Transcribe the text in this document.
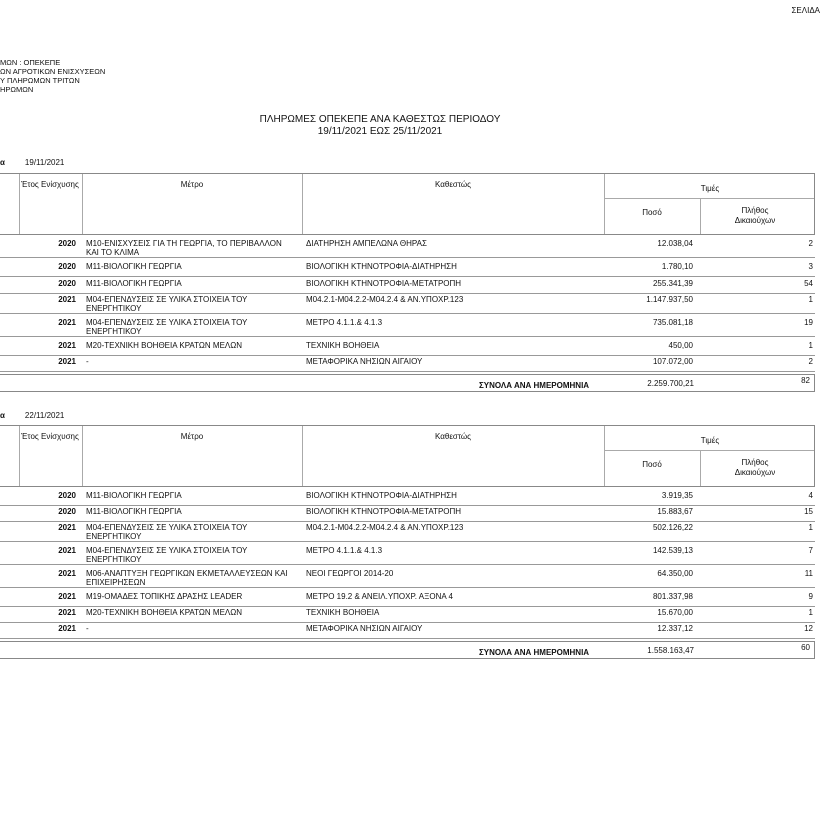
ΣΕΛΙΔΑ
ΜΩΝ : ΟΠΕΚΕΠΕ
ΩΝ ΑΓΡΟΤΙΚΩΝ ΕΝΙΣΧΥΣΕΩΝ
Υ ΠΛΗΡΩΜΩΝ ΤΡΙΤΩΝ
ΗΡΩΜΩΝ
ΠΛΗΡΩΜΕΣ ΟΠΕΚΕΠΕ ΑΝΑ ΚΑΘΕΣΤΩΣ ΠΕΡΙΟΔΟΥ
19/11/2021 ΕΩΣ 25/11/2021
α	19/11/2021
Έτος Ενίσχυσης	Μέτρο	Καθεστώς	Τιμές
Ποσό	Πλήθος Δικαιούχων
2020 Μ10-ΕΝΙΣΧΥΣΕΙΣ ΓΙΑ ΤΗ ΓΕΩΡΓΙΑ, ΤΟ ΠΕΡΙΒΑΛΛΟΝ ΚΑΙ ΤΟ ΚΛΙΜΑ
ΔΙΑΤΗΡΗΣΗ ΑΜΠΕΛΩΝΑ ΘΗΡΑΣ	12.038,04	2
2020 Μ11-ΒΙΟΛΟΓΙΚΗ ΓΕΩΡΓΙΑ	ΒΙΟΛΟΓΙΚΗ ΚΤΗΝΟΤΡΟΦΙΑ-ΔΙΑΤΗΡΗΣΗ	1.780,10	3
2020 Μ11-ΒΙΟΛΟΓΙΚΗ ΓΕΩΡΓΙΑ	ΒΙΟΛΟΓΙΚΗ ΚΤΗΝΟΤΡΟΦΙΑ-ΜΕΤΑΤΡΟΠΗ	255.341,39	54
2021 Μ04-ΕΠΕΝΔΥΣΕΙΣ ΣΕ ΥΛΙΚΑ ΣΤΟΙΧΕΙΑ ΤΟΥ ΕΝΕΡΓΗΤΙΚΟΥ
Μ04.2.1-Μ04.2.2-Μ04.2.4 & ΑΝ.ΥΠΟΧΡ.123	1.147.937,50	1
2021 Μ04-ΕΠΕΝΔΥΣΕΙΣ ΣΕ ΥΛΙΚΑ ΣΤΟΙΧΕΙΑ ΤΟΥ ΕΝΕΡΓΗΤΙΚΟΥ
ΜΕΤΡΟ 4.1.1.& 4.1.3	735.081,18	19
2021 Μ20-ΤΕΧΝΙΚΗ ΒΟΗΘΕΙΑ ΚΡΑΤΩΝ ΜΕΛΩΝ	ΤΕΧΝΙΚΗ ΒΟΗΘΕΙΑ	450,00	1
2021 -	ΜΕΤΑΦΟΡΙΚΑ ΝΗΣΙΩΝ ΑΙΓΑΙΟΥ	107.072,00	2
ΣΥΝΟΛΑ ΑΝΑ ΗΜΕΡΟΜΗΝΙΑ	2.259.700,21	82
α	22/11/2021
Έτος Ενίσχυσης	Μέτρο	Καθεστώς	Τιμές
Ποσό	Πλήθος Δικαιούχων
2020 Μ11-ΒΙΟΛΟΓΙΚΗ ΓΕΩΡΓΙΑ	ΒΙΟΛΟΓΙΚΗ ΚΤΗΝΟΤΡΟΦΙΑ-ΔΙΑΤΗΡΗΣΗ	3.919,35	4
2020 Μ11-ΒΙΟΛΟΓΙΚΗ ΓΕΩΡΓΙΑ	ΒΙΟΛΟΓΙΚΗ ΚΤΗΝΟΤΡΟΦΙΑ-ΜΕΤΑΤΡΟΠΗ	15.883,67	15
2021 Μ04-ΕΠΕΝΔΥΣΕΙΣ ΣΕ ΥΛΙΚΑ ΣΤΟΙΧΕΙΑ ΤΟΥ ΕΝΕΡΓΗΤΙΚΟΥ
Μ04.2.1-Μ04.2.2-Μ04.2.4 & ΑΝ.ΥΠΟΧΡ.123	502.126,22	1
2021 Μ04-ΕΠΕΝΔΥΣΕΙΣ ΣΕ ΥΛΙΚΑ ΣΤΟΙΧΕΙΑ ΤΟΥ ΕΝΕΡΓΗΤΙΚΟΥ
ΜΕΤΡΟ 4.1.1.& 4.1.3	142.539,13	7
2021 Μ06-ΑΝΑΠΤΥΞΗ ΓΕΩΡΓΙΚΩΝ ΕΚΜΕΤΑΛΛΕΥΣΕΩΝ ΚΑΙ ΕΠΙΧΕΙΡΗΣΕΩΝ
ΝΕΟΙ ΓΕΩΡΓΟΙ 2014-20	64.350,00	11
2021 Μ19-ΟΜΑΔΕΣ ΤΟΠΙΚΗΣ ΔΡΑΣΗΣ LEADER	ΜΕΤΡΟ 19.2 & ΑΝΕΙΛ.ΥΠΟΧΡ. ΑΞΟΝΑ 4	801.337,98	9
2021 Μ20-ΤΕΧΝΙΚΗ ΒΟΗΘΕΙΑ ΚΡΑΤΩΝ ΜΕΛΩΝ	ΤΕΧΝΙΚΗ ΒΟΗΘΕΙΑ	15.670,00	1
2021 -	ΜΕΤΑΦΟΡΙΚΑ ΝΗΣΙΩΝ ΑΙΓΑΙΟΥ	12.337,12	12
ΣΥΝΟΛΑ ΑΝΑ ΗΜΕΡΟΜΗΝΙΑ	1.558.163,47	60
